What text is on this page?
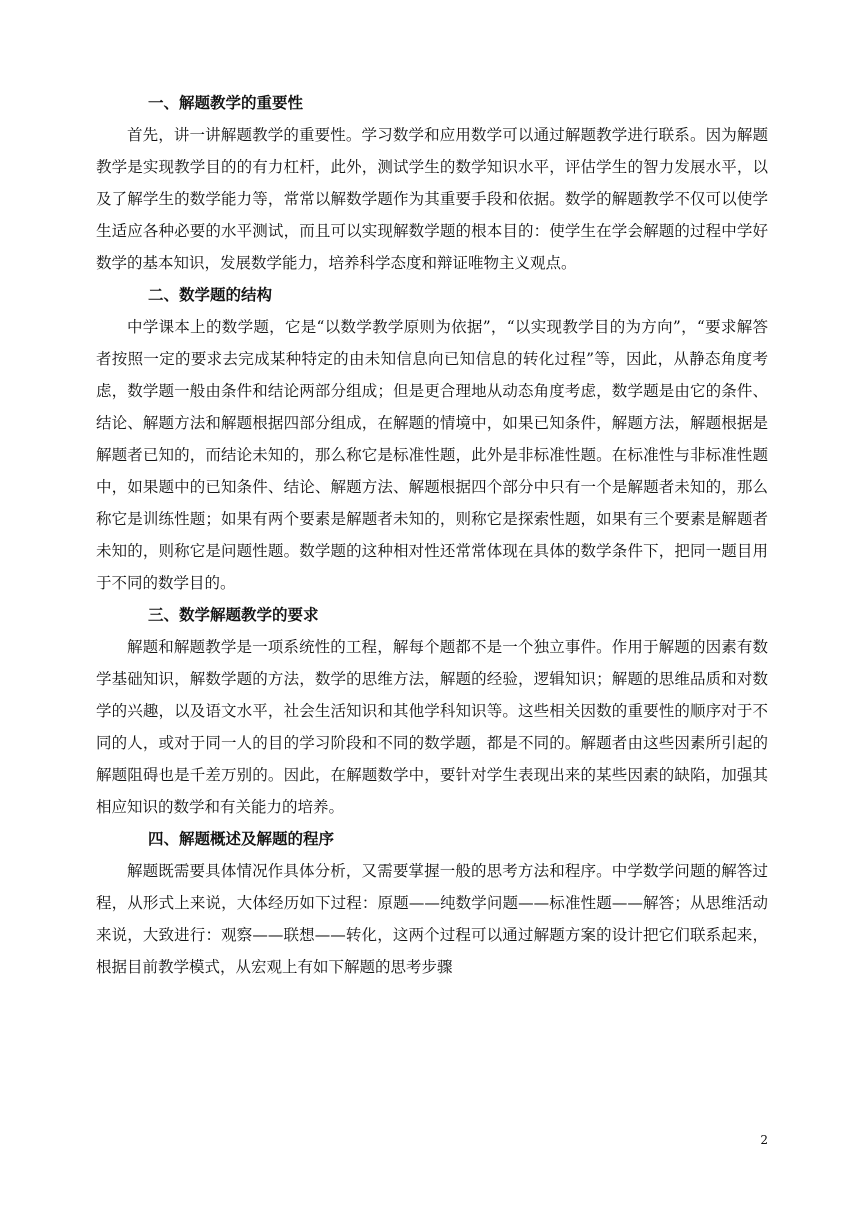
一、解题教学的重要性

首先，讲一讲解题教学的重要性。学习数学和应用数学可以通过解题教学进行联系。因为解题教学是实现教学目的的有力杠杆，此外，测试学生的数学知识水平，评估学生的智力发展水平，以及了解学生的数学能力等，常常以解数学题作为其重要手段和依据。数学的解题教学不仅可以使学生适应各种必要的水平测试，而且可以实现解数学题的根本目的：使学生在学会解题的过程中学好数学的基本知识，发展数学能力，培养科学态度和辩证唯物主义观点。

二、数学题的结构

中学课本上的数学题，它是“以数学教学原则为依据”，“以实现教学目的为方向”，“要求解答者按照一定的要求去完成某种特定的由未知信息向已知信息的转化过程”等，因此，从静态角度考虑，数学题一般由条件和结论两部分组成；但是更合理地从动态角度考虑，数学题是由它的条件、结论、解题方法和解题根据四部分组成，在解题的情境中，如果已知条件，解题方法，解题根据是解题者已知的，而结论未知的，那么称它是标准性题，此外是非标准性题。在标准性与非标准性题中，如果题中的已知条件、结论、解题方法、解题根据四个部分中只有一个是解题者未知的，那么称它是训练性题；如果有两个要素是解题者未知的，则称它是探索性题，如果有三个要素是解题者未知的，则称它是问题性题。数学题的这种相对性还常常体现在具体的数学条件下，把同一题目用于不同的数学目的。

三、数学解题教学的要求

解题和解题教学是一项系统性的工程，解每个题都不是一个独立事件。作用于解题的因素有数学基础知识，解数学题的方法，数学的思维方法，解题的经验，逻辑知识；解题的思维品质和对数学的兴趣，以及语文水平，社会生活知识和其他学科知识等。这些相关因数的重要性的顺序对于不同的人，或对于同一人的目的学习阶段和不同的数学题，都是不同的。解题者由这些因素所引起的解题阻碍也是千差万别的。因此，在解题数学中，要针对学生表现出来的某些因素的缺陷，加强其相应知识的数学和有关能力的培养。

四、解题概述及解题的程序

解题既需要具体情况作具体分析，又需要掌握一般的思考方法和程序。中学数学问题的解答过程，从形式上来说，大体经历如下过程：原题——纯数学问题——标准性题——解答；从思维活动来说，大致进行：观察——联想——转化，这两个过程可以通过解题方案的设计把它们联系起来，根据目前教学模式，从宏观上有如下解题的思考步骤

2
